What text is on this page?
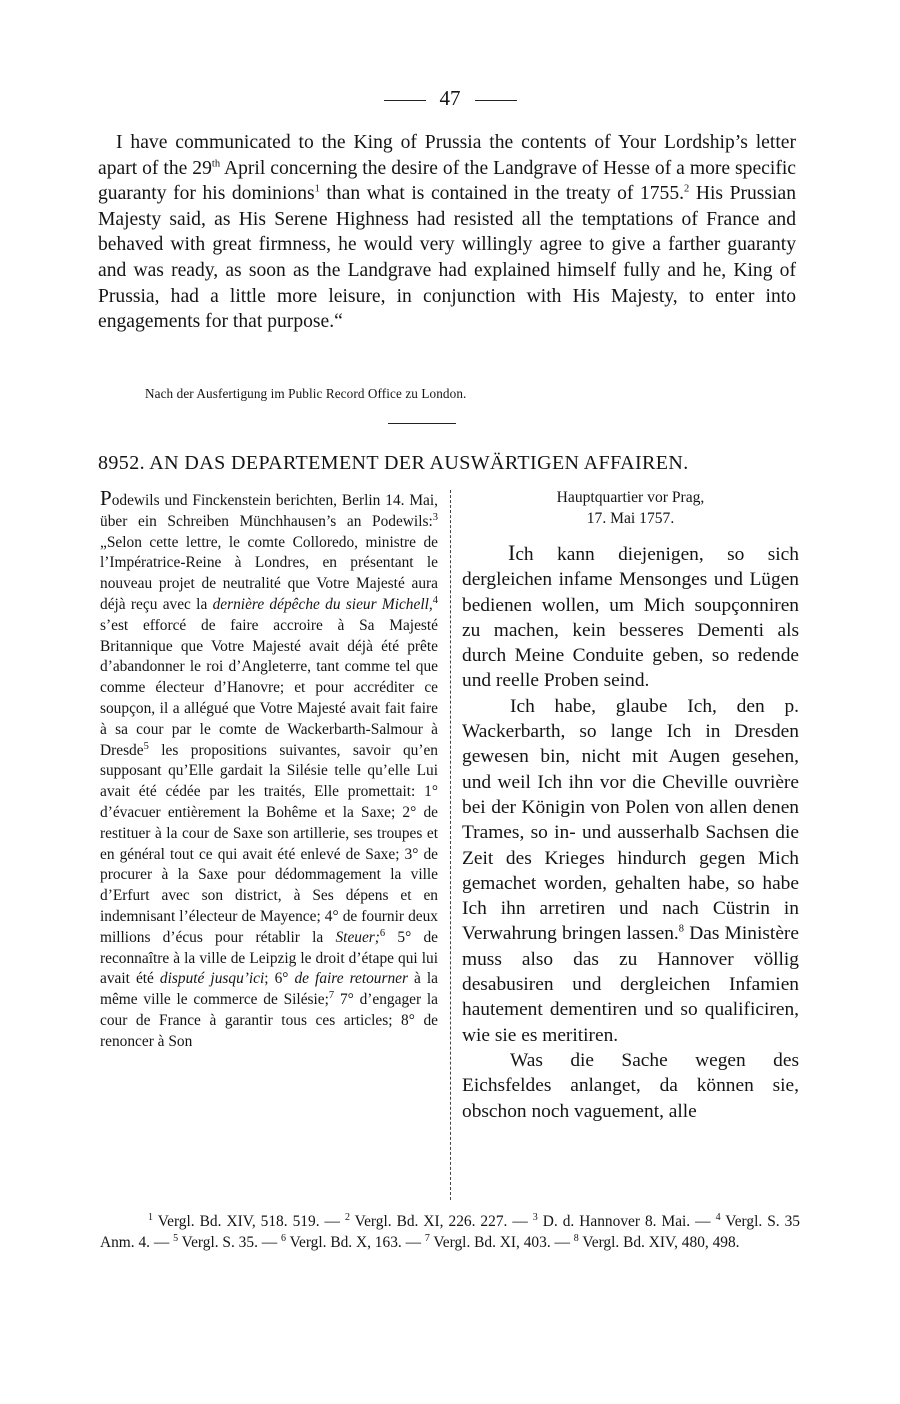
47

I have communicated to the King of Prussia the contents of Your Lordship’s letter apart of the 29th April concerning the desire of the Landgrave of Hesse of a more specific guaranty for his dominions$^1$ than what is contained in the treaty of 1755.$^2$ His Prussian Majesty said, as His Serene Highness had resisted all the temptations of France and behaved with great firmness, he would very willingly agree to give a farther guaranty and was ready, as soon as the Landgrave had explained himself fully and he, King of Prussia, had a little more leisure, in conjunction with His Majesty, to enter into engagements for that purpose.“

Nach der Ausfertigung im Public Record Office zu London.
8952. AN DAS DEPARTEMENT DER AUSWÄRTIGEN AFFAIREN.

Podewils und Finckenstein berichten, Berlin 14. Mai, über ein Schreiben Münchhausen’s an Podewils:$^3$ „Selon cette lettre, le comte Colloredo, ministre de l’Impératrice-Reine à Londres, en présentant le nouveau projet de neutralité que Votre Majesté aura déjà reçu avec la dernière dépêche du sieur Michell,$^4$ s’est efforcé de faire accroire à Sa Majesté Britannique que Votre Majesté avait déjà été prête d’abandonner le roi d’Angleterre, tant comme tel que comme électeur d’Hanovre; et pour accréditer ce soupçon, il a allégué que Votre Majesté avait fait faire à sa cour par le comte de Wackerbarth-Salmour à Dresde$^5$ les propositions suivantes, savoir qu’en supposant qu’Elle gardait la Silésie telle qu’elle Lui avait été cédée par les traités, Elle promettait: 1° d’évacuer entièrement la Bohême et la Saxe; 2° de restituer à la cour de Saxe son artillerie, ses troupes et en général tout ce qui avait été enlevé de Saxe; 3° de procurer à la Saxe pour dédommagement la ville d’Erfurt avec son district, à Ses dépens et en indemnisant l’électeur de Mayence; 4° de fournir deux millions d’écus pour rétablir la Steuer;$^6$ 5° de reconnaître à la ville de Leipzig le droit d’étape qui lui avait été disputé jusqu’ici; 6° de faire retourner à la même ville le commerce de Silésie;$^7$ 7° d’engager la cour de France à garantir tous ces articles; 8° de renoncer à Son

Hauptquartier vor Prag,

17. Mai 1757.

Ich kann diejenigen, so sich dergleichen infame Mensonges und Lügen bedienen wollen, um Mich soupçonniren zu machen, kein besseres Dementi als durch Meine Conduite geben, so redende und reelle Proben seind.

Ich habe, glaube Ich, den p. Wackerbarth, so lange Ich in Dresden gewesen bin, nicht mit Augen gesehen, und weil Ich ihn vor die Cheville ouvrière bei der Königin von Polen von allen denen Trames, so in- und ausserhalb Sachsen die Zeit des Krieges hindurch gegen Mich gemachet worden, gehalten habe, so habe Ich ihn arretiren und nach Cüstrin in Verwahrung bringen lassen.$^8$ Das Ministère muss also das zu Hannover völlig desabusiren und dergleichen Infamien hautement dementiren und so qualificiren, wie sie es meritiren.

Was die Sache wegen des Eichsfeldes anlanget, da können sie, obschon noch vaguement, alle

$^1$ Vergl. Bd. XIV, 518. 519. — $^2$ Vergl. Bd. XI, 226. 227. — $^3$ D. d. Hannover 8. Mai. — $^4$ Vergl. S. 35 Anm. 4. — $^5$ Vergl. S. 35. — $^6$ Vergl. Bd. X, 163. — $^7$ Vergl. Bd. XI, 403. — $^8$ Vergl. Bd. XIV, 480, 498.
